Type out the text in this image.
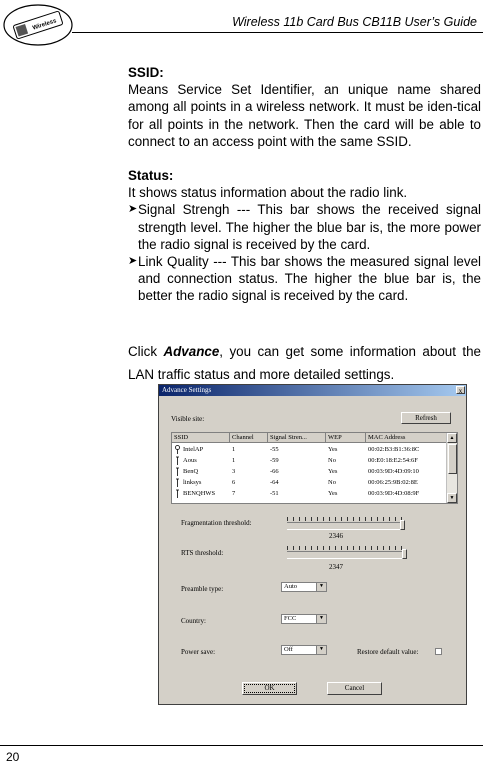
Wireless	Wireless 11b Card Bus CB11B User’s Guide

SSID:

Means Service Set Identifier, an unique name shared among all points in a wireless network. It must be iden-tical for all points in the network. Then the card will be able to connect to an access point with the same SSID.

Status:

It shows status information about the radio link.

➤ Signal Strengh --- This bar shows the received signal strength level. The higher the blue bar is, the more power the radio signal is received by the card.
➤ Link Quality --- This bar shows the measured signal level and connection status. The higher the blue bar is, the better the radio signal is received by the card.

Click Advance, you can get some information about the LAN traffic status and more detailed settings.

Advance Settings	x
Visible site:	Refresh
SSID	Channel	Signal Stren...	WEP	MAC Address
IntelAP	1	-55	Yes	00:02:B3:B1:36:8C
Aous	1	-59	No	00:E0:18:E2:54:6F
BenQ	3	-66	Yes	00:03:9D:4D:09:10
linksys	6	-64	No	00:06:25:9B:02:8E
BENQHWS	7	-51	Yes	00:03:9D:4D:08:9F
▲
▼
Fragmentation threshold:
2346
RTS threshold:
2347
Preamble type:	Auto	▼
Country:	FCC	▼
Power save:	Off	▼	Restore default value:
OK	Cancel
20
